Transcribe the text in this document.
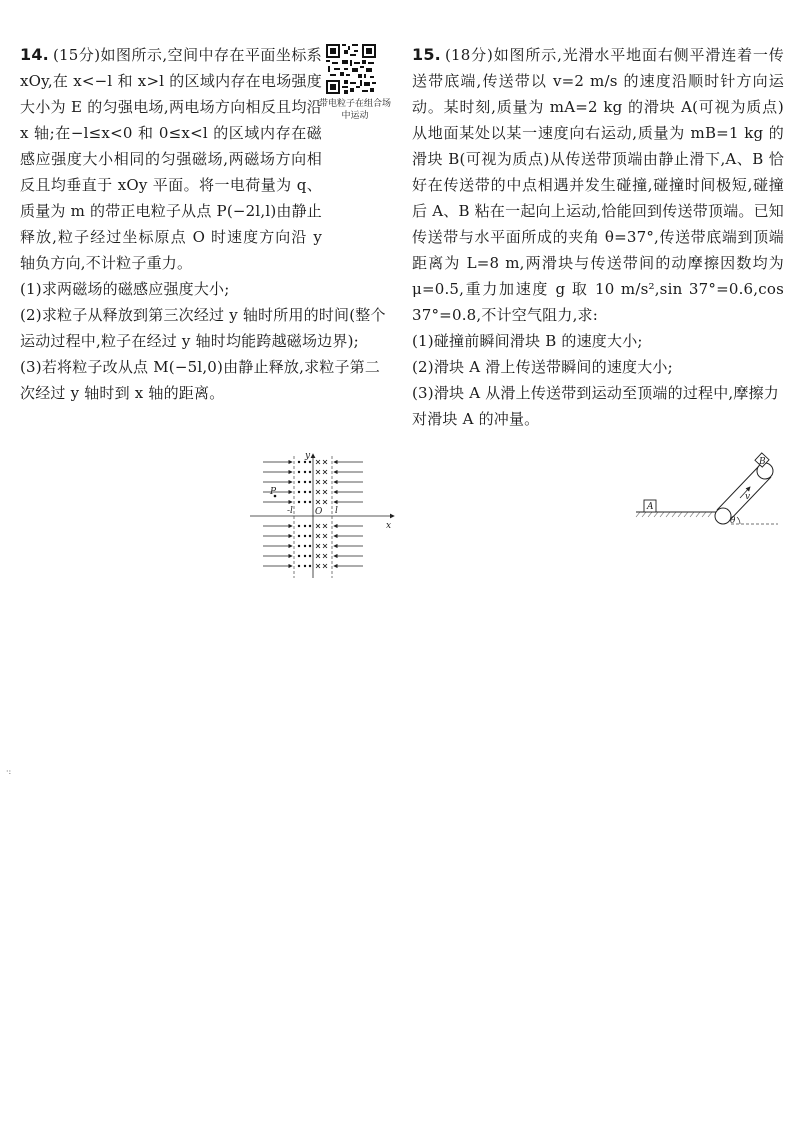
14. (15分)如图所示,空间中存在平面坐标系 xOy,在 x<−l 和 x>l 的区域内存在电场强度大小为 E 的匀强电场,两电场方向相反且均沿 x 轴;在−l≤x<0 和 0≤x<l 的区域内存在磁感应强度大小相同的匀强磁场,两磁场方向相反且均垂直于 xOy 平面。将一电荷量为 q、质量为 m 的带正电粒子从点 P(−2l,l)由静止释放,粒子经过坐标原点 O 时速度方向沿 y 轴负方向,不计粒子重力。

(1)求两磁场的磁感应强度大小;

(2)求粒子从释放到第三次经过 y 轴时所用的时间(整个运动过程中,粒子在经过 y 轴时均能跨越磁场边界);

(3)若将粒子改从点 M(−5l,0)由静止释放,求粒子第二次经过 y 轴时到 x 轴的距离。

带电粒子在组合场中运动
P
y
x
-l O l

15. (18分)如图所示,光滑水平地面右侧平滑连着一传送带底端,传送带以 v=2 m/s 的速度沿顺时针方向运动。某时刻,质量为 mA=2 kg 的滑块 A(可视为质点)从地面某处以某一速度向右运动,质量为 mB=1 kg 的滑块 B(可视为质点)从传送带顶端由静止滑下,A、B 恰好在传送带的中点相遇并发生碰撞,碰撞时间极短,碰撞后 A、B 粘在一起向上运动,恰能回到传送带顶端。已知传送带与水平面所成的夹角 θ=37°,传送带底端到顶端距离为 L=8 m,两滑块与传送带间的动摩擦因数均为 μ=0.5,重力加速度 g 取 10 m/s²,sin 37°=0.6,cos 37°=0.8,不计空气阻力,求:

(1)碰撞前瞬间滑块 B 的速度大小;

(2)滑块 A 滑上传送带瞬间的速度大小;

(3)滑块 A 从滑上传送带到运动至顶端的过程中,摩擦力对滑块 A 的冲量。

A
B
v
θ
·:
